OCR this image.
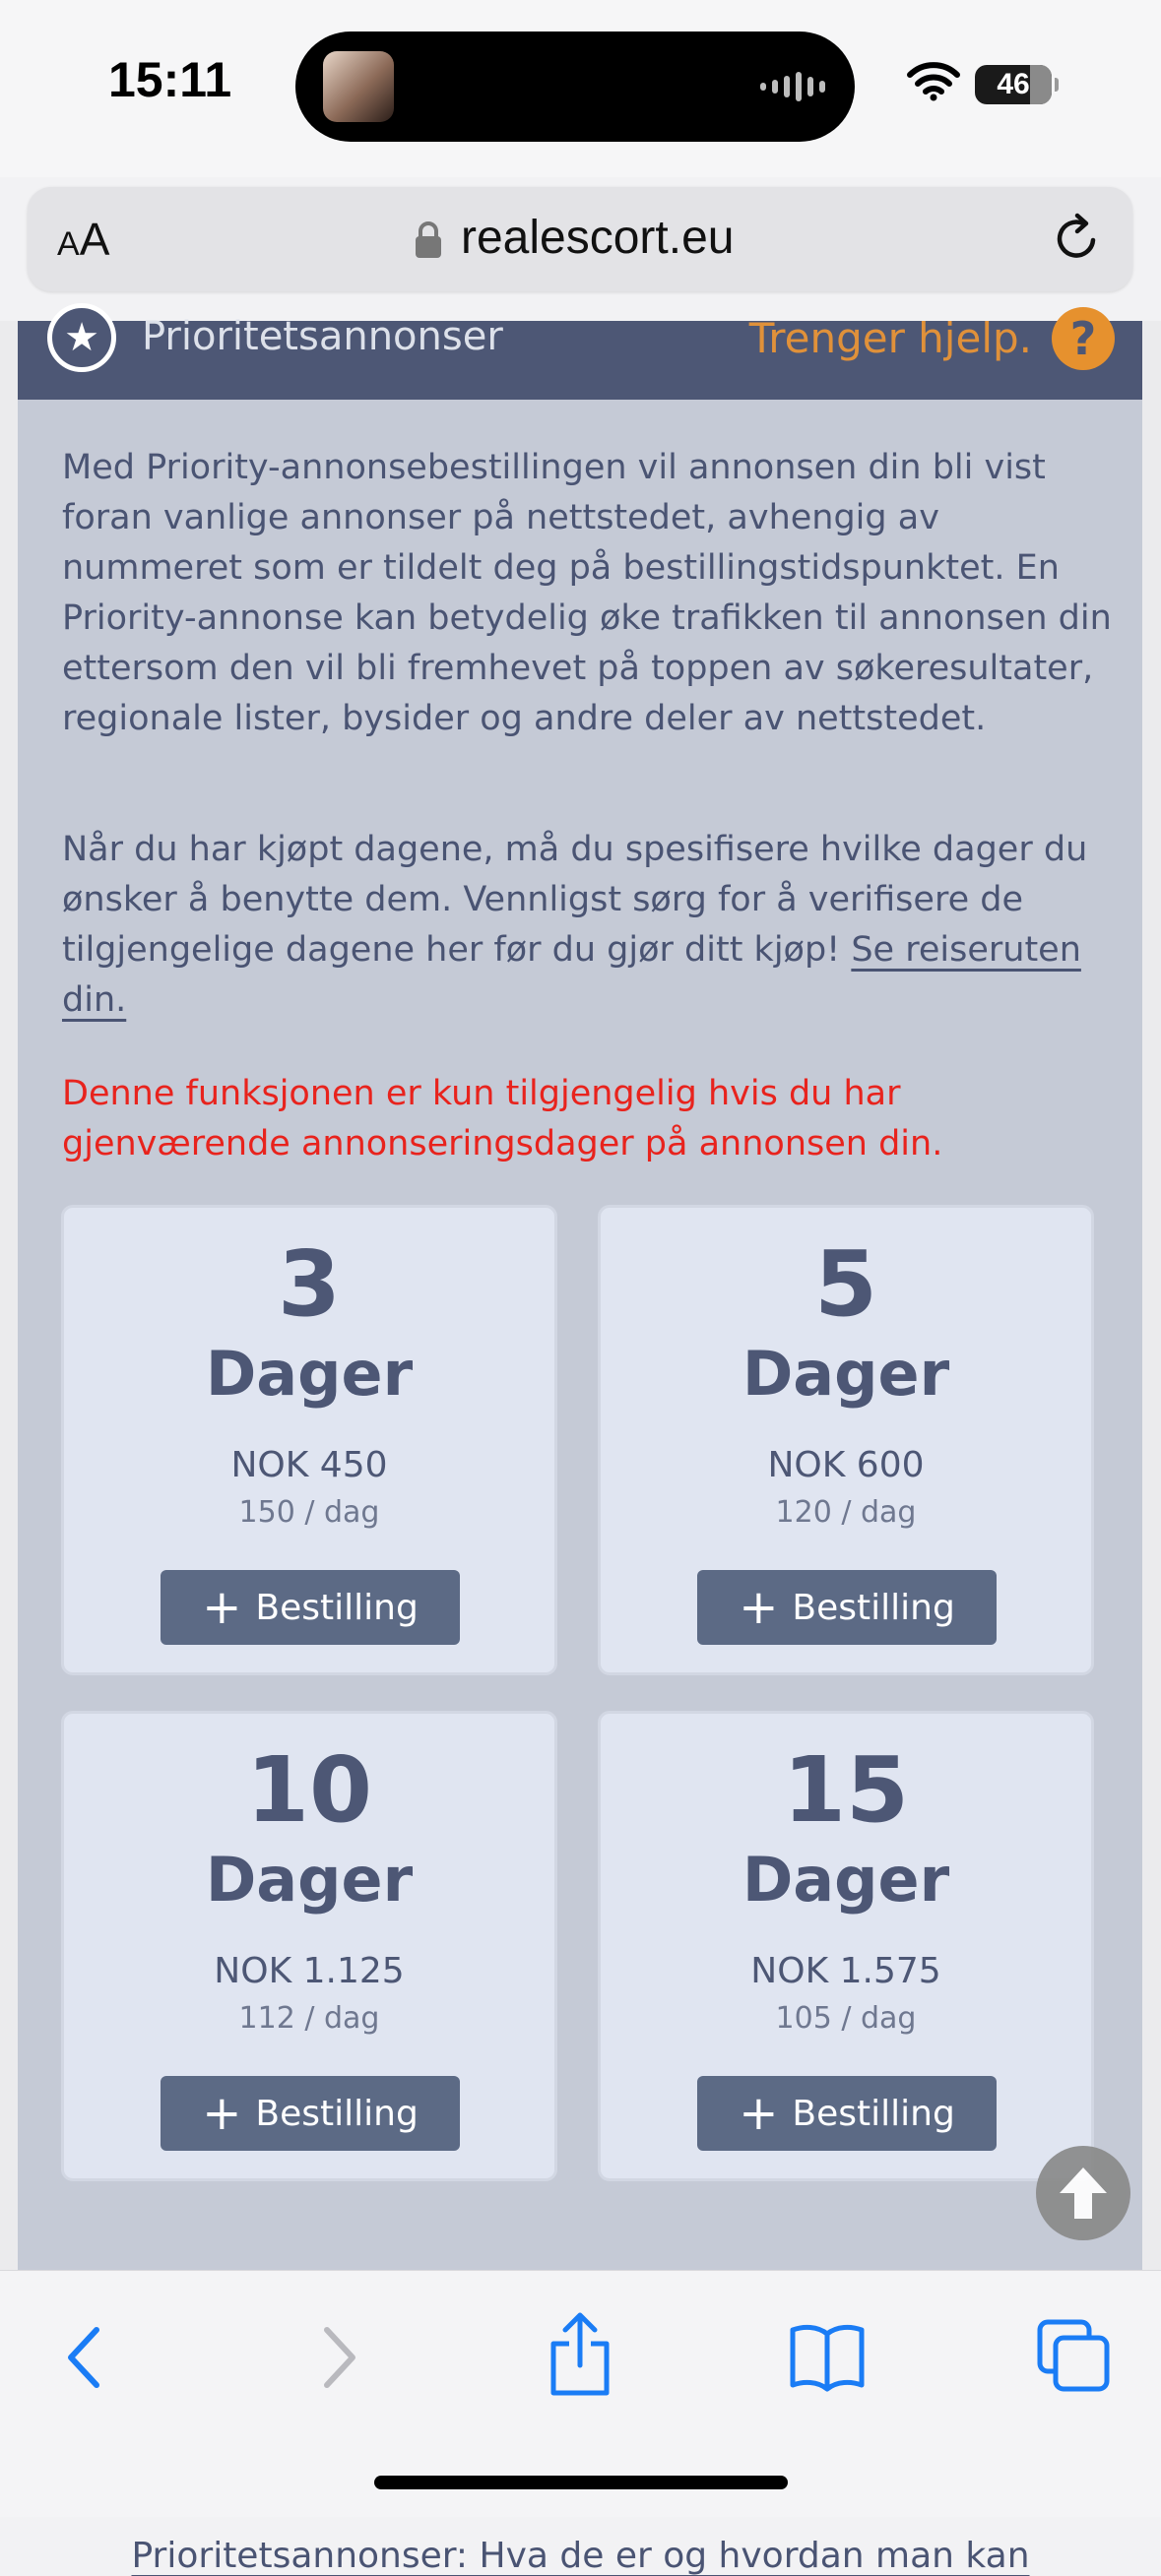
15:11	46
AA	realescort.eu
★	Prioritetsannonser	Trenger hjelp. ?

Med Priority-annonsebestillingen vil annonsen din bli vist foran vanlige annonser på nettstedet, avhengig av nummeret som er tildelt deg på bestillingstidspunktet. En Priority-annonse kan betydelig øke trafikken til annonsen din ettersom den vil bli fremhevet på toppen av søkeresultater, regionale lister, bysider og andre deler av nettstedet.

Når du har kjøpt dagene, må du spesifisere hvilke dager du ønsker å benytte dem. Vennligst sørg for å verifisere de tilgjengelige dagene her før du gjør ditt kjøp! Se reiseruten din.

Denne funksjonen er kun tilgjengelig hvis du har gjenværende annonseringsdager på annonsen din.

3
Dager
NOK 450
150 / dag
+ Bestilling
5
Dager
NOK 600
120 / dag
+ Bestilling
10
Dager
NOK 1.125
112 / dag
+ Bestilling
15
Dager
NOK 1.575
105 / dag
+ Bestilling
Prioritetsannonser: Hva de er og hvordan man kan
